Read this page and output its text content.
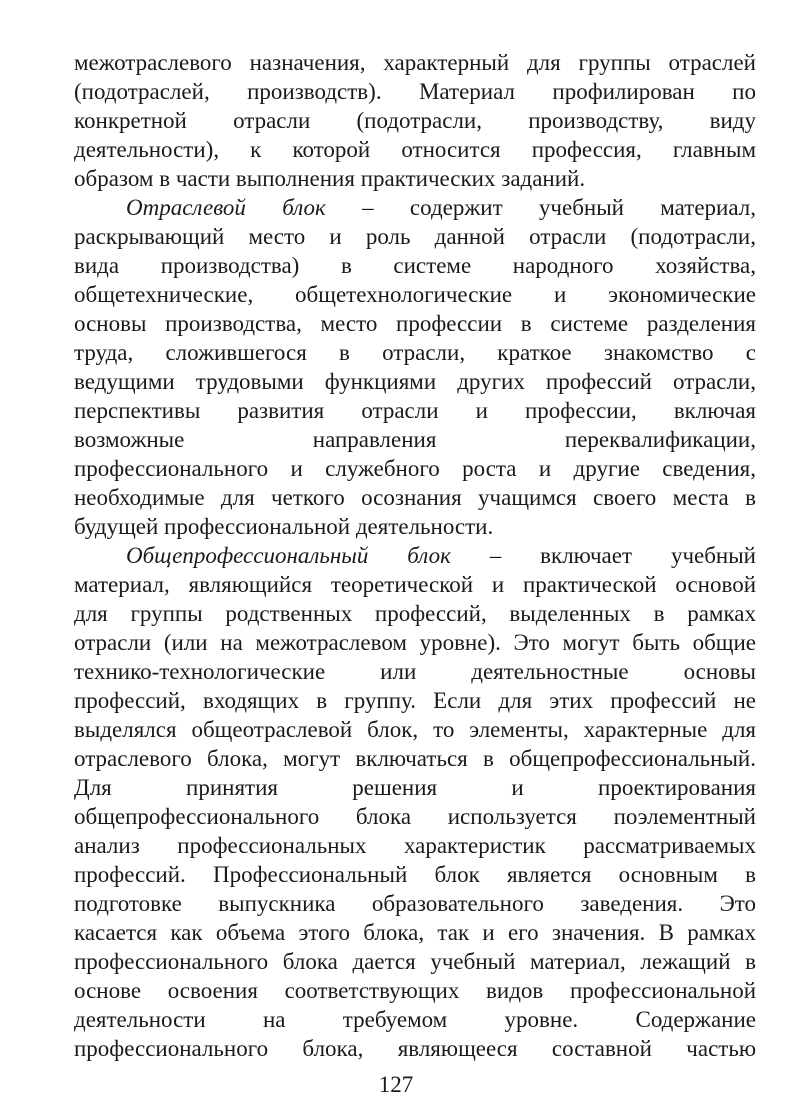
межотраслевого назначения, характерный для группы отраслей
(подотраслей, производств). Материал профилирован по
конкретной отрасли (подотрасли, производству, виду
деятельности), к которой относится профессия, главным
образом в части выполнения практических заданий.
Отраслевой блок – содержит учебный материал,
раскрывающий место и роль данной отрасли (подотрасли,
вида производства) в системе народного хозяйства,
общетехнические, общетехнологические и экономические
основы производства, место профессии в системе разделения
труда, сложившегося в отрасли, краткое знакомство с
ведущими трудовыми функциями других профессий отрасли,
перспективы развития отрасли и профессии, включая
возможные направления переквалификации,
профессионального и служебного роста и другие сведения,
необходимые для четкого осознания учащимся своего места в
будущей профессиональной деятельности.
Общепрофессиональный блок – включает учебный
материал, являющийся теоретической и практической основой
для группы родственных профессий, выделенных в рамках
отрасли (или на межотраслевом уровне). Это могут быть общие
технико-технологические или деятельностные основы
профессий, входящих в группу. Если для этих профессий не
выделялся общеотраслевой блок, то элементы, характерные для
отраслевого блока, могут включаться в общепрофессиональный.
Для принятия решения и проектирования
общепрофессионального блока используется поэлементный
анализ профессиональных характеристик рассматриваемых
профессий. Профессиональный блок является основным в
подготовке выпускника образовательного заведения. Это
касается как объема этого блока, так и его значения. В рамках
профессионального блока дается учебный материал, лежащий в
основе освоения соответствующих видов профессиональной
деятельности на требуемом уровне. Содержание
профессионального блока, являющееся составной частью
127
